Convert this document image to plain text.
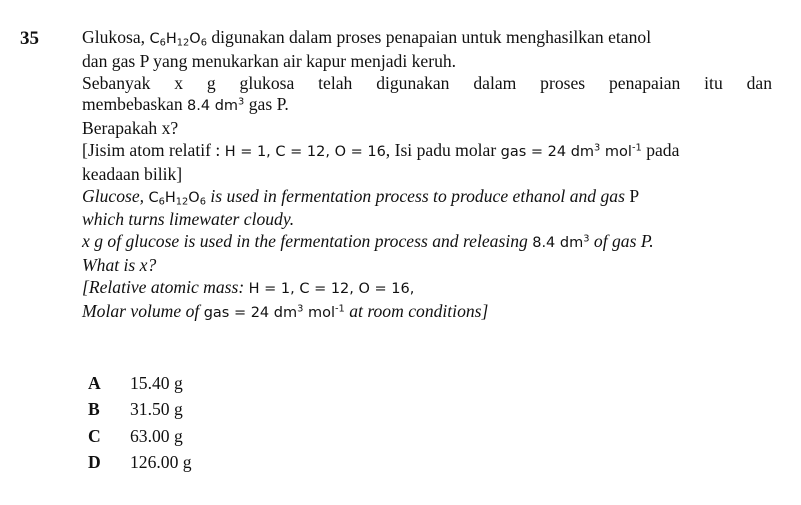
35 Glukosa, $C_6H_{12}O_6$ digunakan dalam proses penapaian untuk menghasilkan etanol
dan gas P yang menukarkan air kapur menjadi keruh.
Sebanyak  x  g  glukosa  telah  digunakan  dalam  proses  penapaian  itu  dan
membebaskan 8.4 $dm^3$ gas P.
Berapakah x?
[Jisim atom relatif : H = 1, C = 12, O = 16, Isi padu molar gas = 24 $dm^3$ mol$^{-1}$ pada
keadaan bilik]
Glucose, $C_6H_{12}O_6$ is used in fermentation process to produce ethanol and gas P
which turns limewater cloudy.
x g of glucose is used in the fermentation process and releasing 8.4 $dm^3$ of gas P.
What is x?
[Relative atomic mass: H = 1, C = 12, O = 16,
Molar volume of gas = 24 $dm^3$ mol$^{-1}$ at room conditions]
A	15.40 g
B	31.50 g
C	63.00 g
D	126.00 g
